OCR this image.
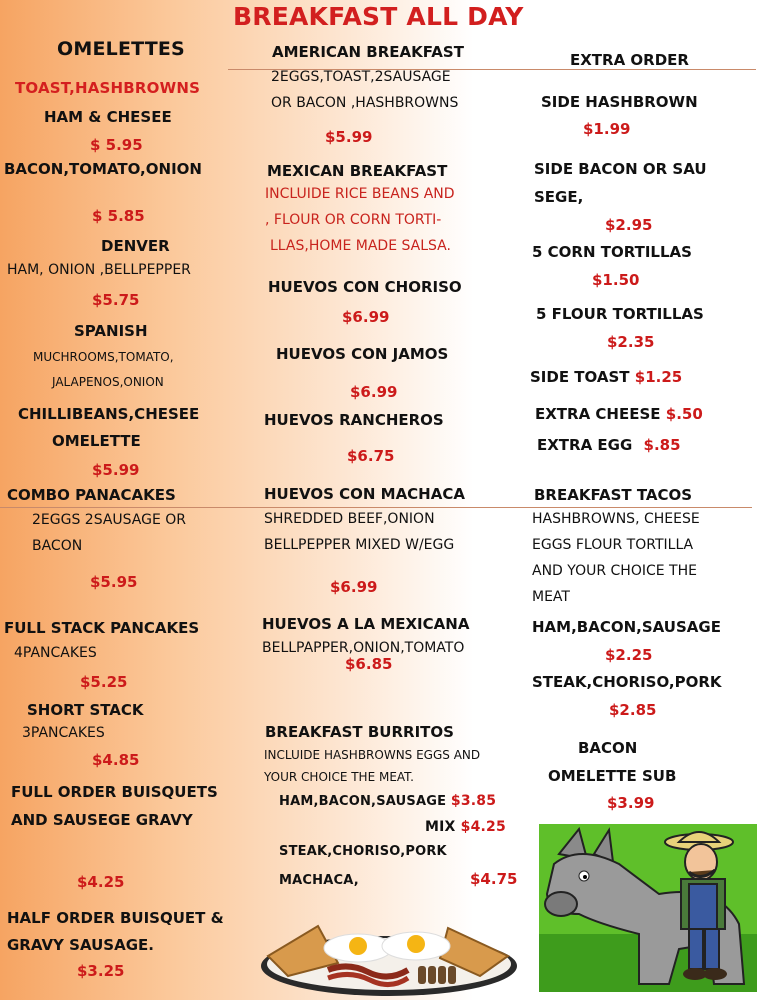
BREAKFAST ALL DAY
OMELETTES
TOAST,HASHBROWNS
HAM & CHESEE
$ 5.95
BACON,TOMATO,ONION
$ 5.85
DENVER
HAM, ONION ,BELLPEPPER
$5.75
SPANISH
MUCHROOMS,TOMATO,
JALAPENOS,ONION
CHILLIBEANS,CHESEE
OMELETTE
$5.99
COMBO PANACAKES
2EGGS 2SAUSAGE OR
BACON
$5.95
FULL STACK PANCAKES
4PANCAKES
$5.25
SHORT STACK
3PANCAKES
$4.85
FULL ORDER BUISQUETS
AND SAUSEGE GRAVY
$4.25
HALF ORDER BUISQUET &
GRAVY SAUSAGE.
$3.25
AMERICAN BREAKFAST
2EGGS,TOAST,2SAUSAGE
OR BACON ,HASHBROWNS
$5.99
MEXICAN BREAKFAST
INCLUIDE RICE BEANS AND
, FLOUR OR CORN TORTI-
LLAS,HOME MADE SALSA.
HUEVOS CON CHORISO
$6.99
HUEVOS CON JAMOS
$6.99
HUEVOS RANCHEROS
$6.75
HUEVOS CON MACHACA
SHREDDED BEEF,ONION
BELLPEPPER MIXED W/EGG
$6.99
HUEVOS A LA MEXICANA
BELLPAPPER,ONION,TOMATO
$6.85
BREAKFAST BURRITOS
INCLUIDE HASHBROWNS EGGS AND
YOUR CHOICE THE MEAT.
HAM,BACON,SAUSAGE $3.85
MIX $4.25
STEAK,CHORISO,PORK
MACHACA,	$4.75
EXTRA ORDER
SIDE HASHBROWN
$1.99
SIDE BACON OR SAU
SEGE,
$2.95
5 CORN TORTILLAS
$1.50
5 FLOUR TORTILLAS
$2.35
SIDE TOAST $1.25
EXTRA CHEESE $.50
EXTRA EGG $.85
BREAKFAST TACOS
HASHBROWNS, CHEESE
EGGS FLOUR TORTILLA
AND YOUR CHOICE THE
MEAT
HAM,BACON,SAUSAGE
$2.25
STEAK,CHORISO,PORK
$2.85
BACON
OMELETTE SUB
$3.99
